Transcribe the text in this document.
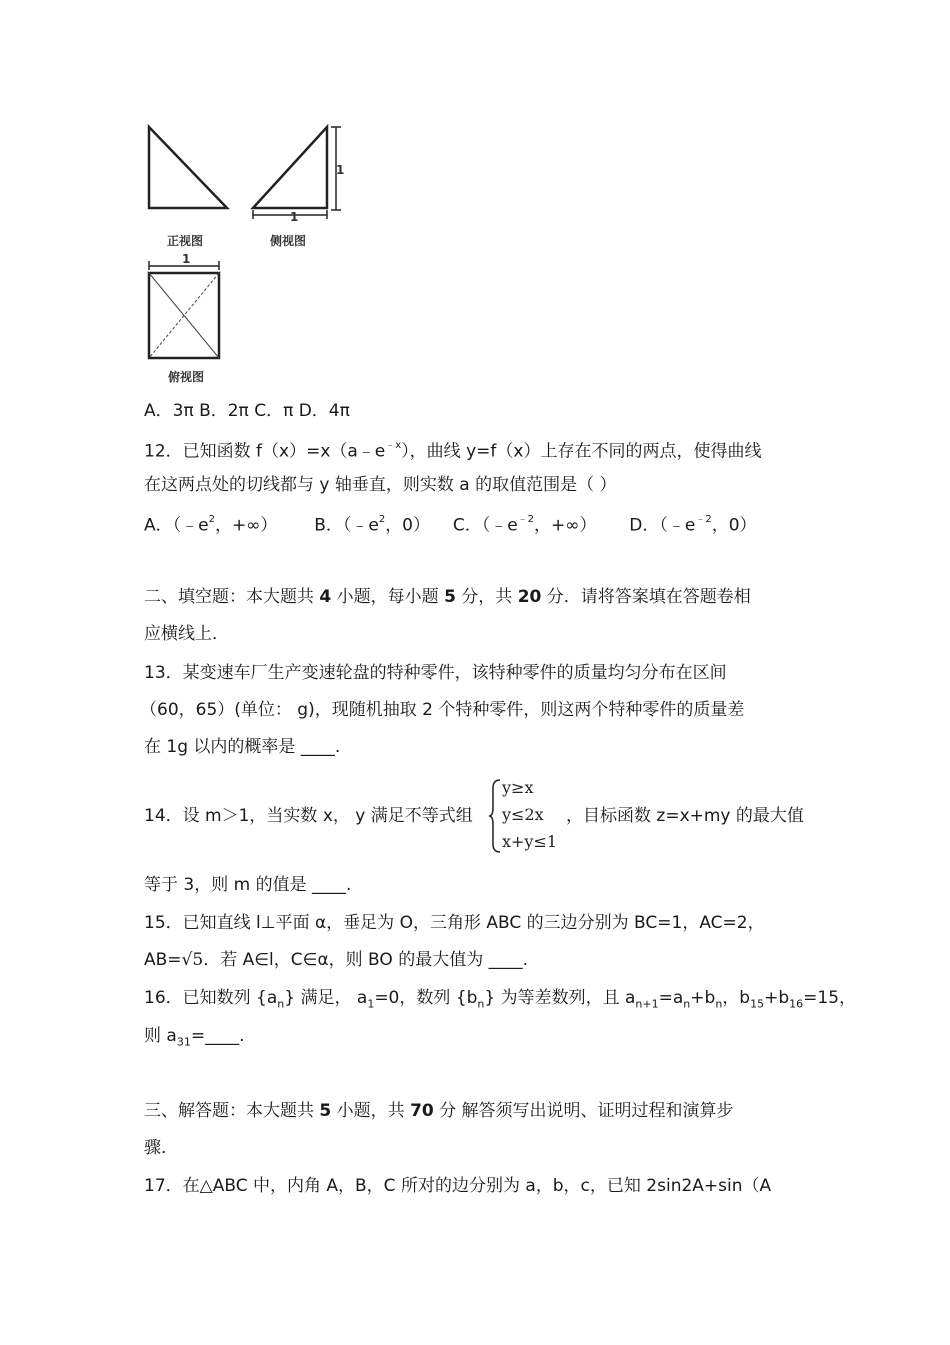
1
1
1
正视图	侧视图
俯视图
A．3π B．2π C．π D．4π
12．已知函数 $f(x)=x(a﹣e^{﹣x})$，曲线 y=f（x）上存在不同的两点，使得曲线
在这两点处的切线都与 y 轴垂直，则实数 a 的取值范围是（ ）
A．（$﹣e^2$，+∞） B．（$﹣e^2$，0） C．（$﹣e^{﹣2}$，+∞） D．（$﹣e^{﹣2}$，0）
二、填空题：本大题共 4 小题，每小题 5 分，共 20 分．请将答案填在答题卷相
应横线上．
13．某变速车厂生产变速轮盘的特种零件，该特种零件的质量均匀分布在区间
（60，65）(单位： g)，现随机抽取 2 个特种零件，则这两个特种零件的质量差
在 1g 以内的概率是 ____.
14．设 m＞1，当实数 x， y 满足不等式组
y≥x
y≤2x
x+y≤1
，目标函数 z=x+my 的最大值
等于 3，则 m 的值是 ____.
15．已知直线 l⊥平面 α，垂足为 O，三角形 ABC 的三边分别为 BC=1，AC=2，
AB=√5．若 A∈l，C∈α，则 BO 的最大值为 ____.
16．已知数列 $\{a_n\}$ 满足， $a_1=0$，数列 $\{b_n\}$ 为等差数列，且 $a_{n+1}=a_n+b_n$，$b_{15}+b_{16}=15$，
则 $a_{31}=\_\_\_\_$.
三、解答题：本大题共 5 小题，共 70 分 解答须写出说明、证明过程和演算步
骤.
17．在△ABC 中，内角 A，B，C 所对的边分别为 a，b，c，已知 2sin2A+sin（A
